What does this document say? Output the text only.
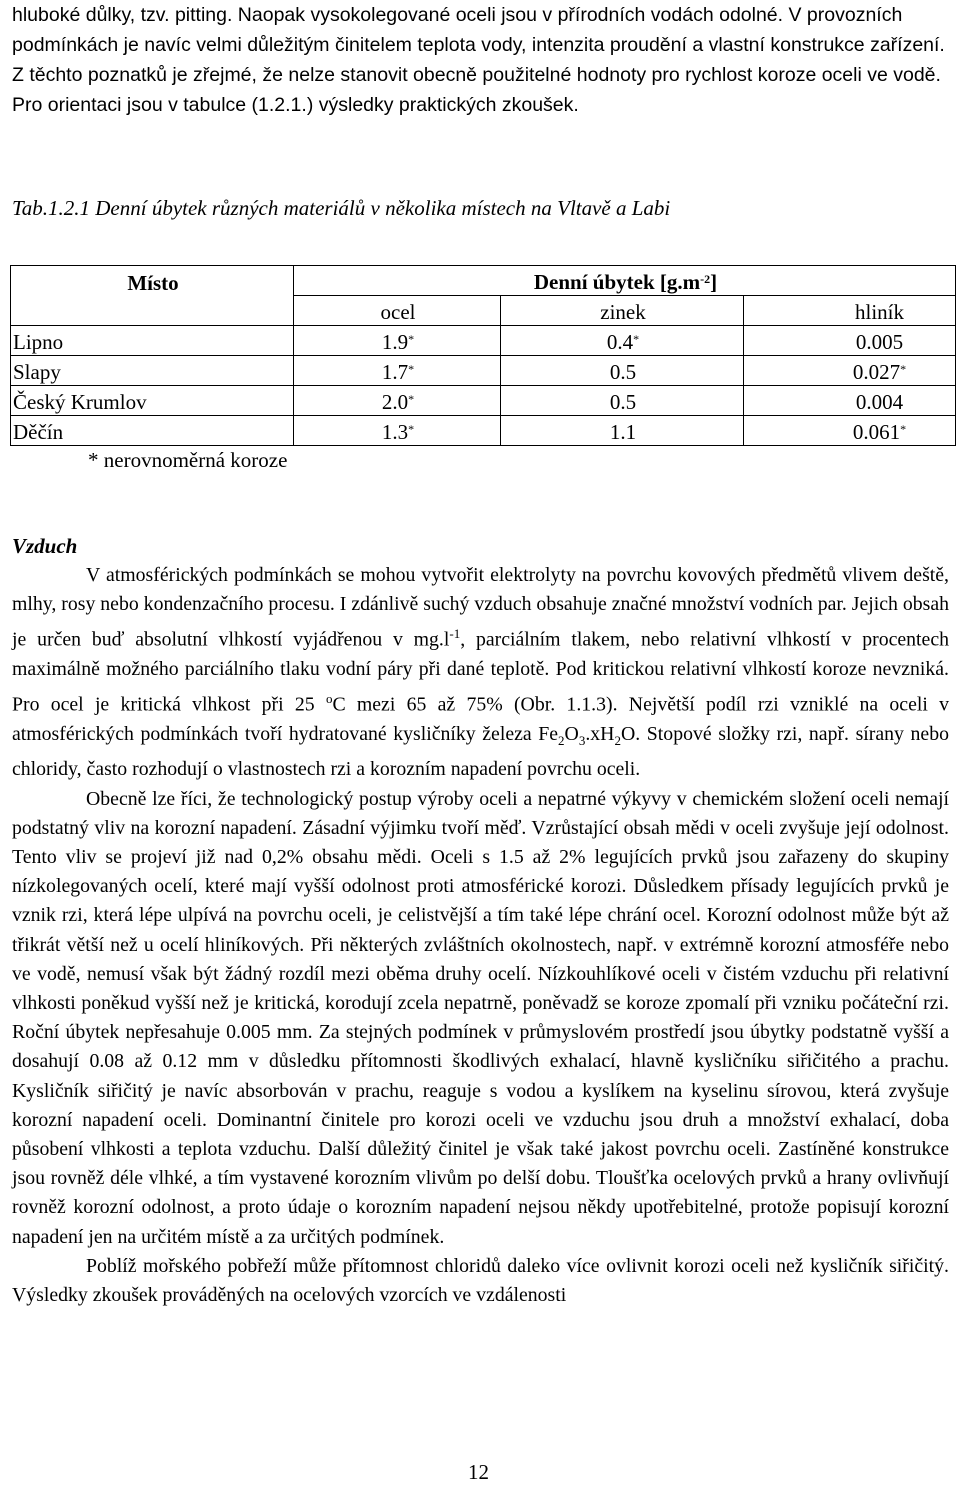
hluboké důlky, tzv. pitting. Naopak vysokolegované oceli jsou v přírodních vodách odolné. V provozních podmínkách je navíc velmi důležitým činitelem teplota vody, intenzita proudění a vlastní konstrukce zařízení. Z těchto poznatků je zřejmé, že nelze stanovit obecně použitelné hodnoty pro rychlost koroze oceli ve vodě. Pro orientaci jsou v tabulce (1.2.1.) výsledky praktických zkoušek.

Tab.1.2.1 Denní úbytek různých materiálů v několika místech na Vltavě a Labi
Místo	Denní úbytek $[g.m^{-2}]$		
	ocel	zinek	hliník
Lipno	1.9*	0.4*	0.005
Slapy	1.7*	0.5	0.027*
Český Krumlov	2.0*	0.5	0.004
Děčín	1.3*	1.1	0.061*
* nerovnoměrná koroze
Vzduch

V atmosférických podmínkách se mohou vytvořit elektrolyty na povrchu kovových předmětů vlivem deště, mlhy, rosy nebo kondenzačního procesu. I zdánlivě suchý vzduch obsahuje značné množství vodních par. Jejich obsah je určen buď absolutní vlhkostí vyjádřenou v $mg.l^{-1}$, parciálním tlakem, nebo relativní vlhkostí v procentech maximálně možného parciálního tlaku vodní páry při dané teplotě. Pod kritickou relativní vlhkostí koroze nevzniká. Pro ocel je kritická vlhkost při 25 $^o$C mezi 65 až 75% (Obr. 1.1.3). Největší podíl rzi vzniklé na oceli v atmosférických podmínkách tvoří hydratované kysličníky železa $Fe_2O_3.xH_2O$. Stopové složky rzi, např. sírany nebo chloridy, často rozhodují o vlastnostech rzi a korozním napadení povrchu oceli.

Obecně lze říci, že technologický postup výroby oceli a nepatrné výkyvy v chemickém složení oceli nemají podstatný vliv na korozní napadení. Zásadní výjimku tvoří měď. Vzrůstající obsah mědi v oceli zvyšuje její odolnost. Tento vliv se projeví již nad 0,2% obsahu mědi. Oceli s 1.5 až 2% legujících prvků jsou zařazeny do skupiny nízkolegovaných ocelí, které mají vyšší odolnost proti atmosférické korozi. Důsledkem přísady legujících prvků je vznik rzi, která lépe ulpívá na povrchu oceli, je celistvější a tím také lépe chrání ocel. Korozní odolnost může být až třikrát větší než u ocelí hliníkových. Při některých zvláštních okolnostech, např. v extrémně korozní atmosféře nebo ve vodě, nemusí však být žádný rozdíl mezi oběma druhy ocelí. Nízkouhlíkové oceli v čistém vzduchu při relativní vlhkosti poněkud vyšší než je kritická, korodují zcela nepatrně, poněvadž se koroze zpomalí při vzniku počáteční rzi. Roční úbytek nepřesahuje 0.005 mm. Za stejných podmínek v průmyslovém prostředí jsou úbytky podstatně vyšší a dosahují 0.08 až 0.12 mm v důsledku přítomnosti škodlivých exhalací, hlavně kysličníku siřičitého a prachu. Kysličník siřičitý je navíc absorbován v prachu, reaguje s vodou a kyslíkem na kyselinu sírovou, která zvyšuje korozní napadení oceli. Dominantní činitele pro korozi oceli ve vzduchu jsou druh a množství exhalací, doba působení vlhkosti a teplota vzduchu. Další důležitý činitel je však také jakost povrchu oceli. Zastíněné konstrukce jsou rovněž déle vlhké, a tím vystavené korozním vlivům po delší dobu. Tloušťka ocelových prvků a hrany ovlivňují rovněž korozní odolnost, a proto údaje o korozním napadení nejsou někdy upotřebitelné, protože popisují korozní napadení jen na určitém místě a za určitých podmínek.

Poblíž mořského pobřeží může přítomnost chloridů daleko více ovlivnit korozi oceli než kysličník siřičitý. Výsledky zkoušek prováděných na ocelových vzorcích ve vzdálenosti

12
